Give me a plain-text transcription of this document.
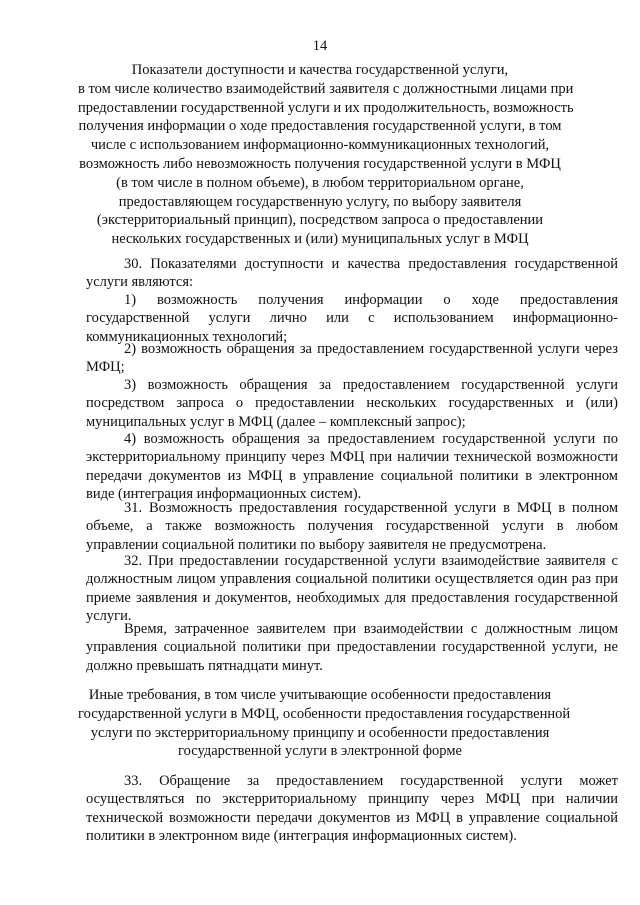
14
Показатели доступности и качества государственной услуги,
в том числе количество взаимодействий заявителя с должностными лицами при
предоставлении государственной услуги и их продолжительность, возможность
получения информации о ходе предоставления государственной услуги, в том
числе с использованием информационно-коммуникационных технологий,
возможность либо невозможность получения государственной услуги в МФЦ
(в том числе в полном объеме), в любом территориальном органе,
предоставляющем государственную услугу, по выбору заявителя
(экстерриториальный принцип), посредством запроса о предоставлении
нескольких государственных и (или) муниципальных услуг в МФЦ

30. Показателями доступности и качества предоставления государственной услуги являются:

1) возможность получения информации о ходе предоставления государственной услуги лично или с использованием информационно-коммуникационных технологий;

2) возможность обращения за предоставлением государственной услуги через МФЦ;

3) возможность обращения за предоставлением государственной услуги посредством запроса о предоставлении нескольких государственных и (или) муниципальных услуг в МФЦ (далее – комплексный запрос);

4) возможность обращения за предоставлением государственной услуги по экстерриториальному принципу через МФЦ при наличии технической возможности передачи документов из МФЦ в управление социальной политики в электронном виде (интеграция информационных систем).

31. Возможность предоставления государственной услуги в МФЦ в полном объеме, а также возможность получения государственной услуги в любом управлении социальной политики по выбору заявителя не предусмотрена.

32. При предоставлении государственной услуги взаимодействие заявителя с должностным лицом управления социальной политики осуществляется один раз при приеме заявления и документов, необходимых для предоставления государственной услуги.

Время, затраченное заявителем при взаимодействии с должностным лицом управления социальной политики при предоставлении государственной услуги, не должно превышать пятнадцати минут.

Иные требования, в том числе учитывающие особенности предоставления
государственной услуги в МФЦ, особенности предоставления государственной
услуги по экстерриториальному принципу и особенности предоставления
государственной услуги в электронной форме

33. Обращение за предоставлением государственной услуги может осуществляться по экстерриториальному принципу через МФЦ при наличии технической возможности передачи документов из МФЦ в управление социальной политики в электронном виде (интеграция информационных систем).
